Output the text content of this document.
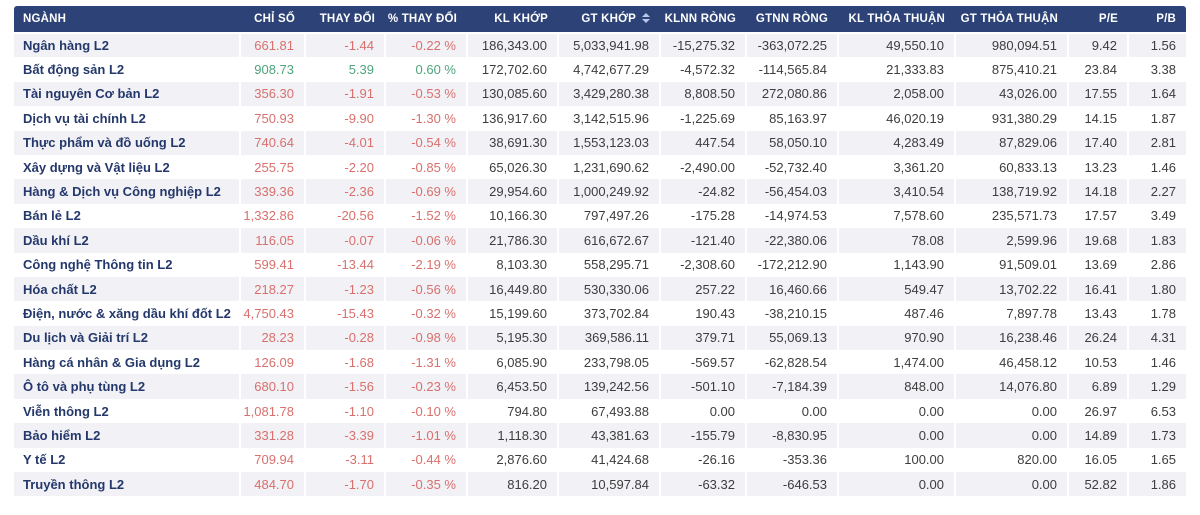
NGÀNH	CHỈ SỐ	THAY ĐỔI	% THAY ĐỔI	KL KHỚP	GT KHỚP	KLNN RÒNG	GTNN RÒNG	KL THỎA THUẬN	GT THỎA THUẬN	P/E	P/B
Ngân hàng L2	661.81	-1.44	-0.22 %	186,343.00	5,033,941.98	-15,275.32	-363,072.25	49,550.10	980,094.51	9.42	1.56
Bất động sản L2	908.73	5.39	0.60 %	172,702.60	4,742,677.29	-4,572.32	-114,565.84	21,333.83	875,410.21	23.84	3.38
Tài nguyên Cơ bản L2	356.30	-1.91	-0.53 %	130,085.60	3,429,280.38	8,808.50	272,080.86	2,058.00	43,026.00	17.55	1.64
Dịch vụ tài chính L2	750.93	-9.90	-1.30 %	136,917.60	3,142,515.96	-1,225.69	85,163.97	46,020.19	931,380.29	14.15	1.87
Thực phẩm và đồ uống L2	740.64	-4.01	-0.54 %	38,691.30	1,553,123.03	447.54	58,050.10	4,283.49	87,829.06	17.40	2.81
Xây dựng và Vật liệu L2	255.75	-2.20	-0.85 %	65,026.30	1,231,690.62	-2,490.00	-52,732.40	3,361.20	60,833.13	13.23	1.46
Hàng & Dịch vụ Công nghiệp L2	339.36	-2.36	-0.69 %	29,954.60	1,000,249.92	-24.82	-56,454.03	3,410.54	138,719.92	14.18	2.27
Bán lẻ L2	1,332.86	-20.56	-1.52 %	10,166.30	797,497.26	-175.28	-14,974.53	7,578.60	235,571.73	17.57	3.49
Dầu khí L2	116.05	-0.07	-0.06 %	21,786.30	616,672.67	-121.40	-22,380.06	78.08	2,599.96	19.68	1.83
Công nghệ Thông tin L2	599.41	-13.44	-2.19 %	8,103.30	558,295.71	-2,308.60	-172,212.90	1,143.90	91,509.01	13.69	2.86
Hóa chất L2	218.27	-1.23	-0.56 %	16,449.80	530,330.06	257.22	16,460.66	549.47	13,702.22	16.41	1.80
Điện, nước & xăng dầu khí đốt L2	4,750.43	-15.43	-0.32 %	15,199.60	373,702.84	190.43	-38,210.15	487.46	7,897.78	13.43	1.78
Du lịch và Giải trí L2	28.23	-0.28	-0.98 %	5,195.30	369,586.11	379.71	55,069.13	970.90	16,238.46	26.24	4.31
Hàng cá nhân & Gia dụng L2	126.09	-1.68	-1.31 %	6,085.90	233,798.05	-569.57	-62,828.54	1,474.00	46,458.12	10.53	1.46
Ô tô và phụ tùng L2	680.10	-1.56	-0.23 %	6,453.50	139,242.56	-501.10	-7,184.39	848.00	14,076.80	6.89	1.29
Viễn thông L2	1,081.78	-1.10	-0.10 %	794.80	67,493.88	0.00	0.00	0.00	0.00	26.97	6.53
Bảo hiểm L2	331.28	-3.39	-1.01 %	1,118.30	43,381.63	-155.79	-8,830.95	0.00	0.00	14.89	1.73
Y tế L2	709.94	-3.11	-0.44 %	2,876.60	41,424.68	-26.16	-353.36	100.00	820.00	16.05	1.65
Truyền thông L2	484.70	-1.70	-0.35 %	816.20	10,597.84	-63.32	-646.53	0.00	0.00	52.82	1.86
